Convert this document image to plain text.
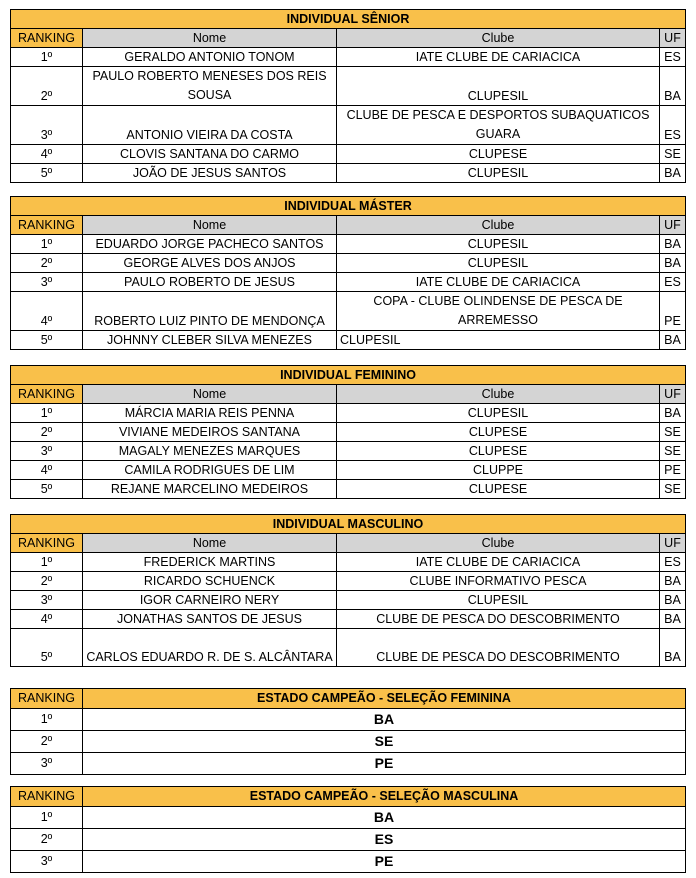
INDIVIDUAL SÊNIOR			
RANKING	Nome	Clube	UF
1º	GERALDO ANTONIO TONOM	IATE CLUBE DE CARIACICA	ES
2º	PAULO ROBERTO MENESES DOS REIS SOUSA	CLUPESIL	BA
3º	ANTONIO VIEIRA DA COSTA	CLUBE DE PESCA E DESPORTOS SUBAQUATICOS GUARA	ES
4º	CLOVIS SANTANA DO CARMO	CLUPESE	SE
5º	JOÃO DE JESUS SANTOS	CLUPESIL	BA
INDIVIDUAL MÁSTER			
RANKING	Nome	Clube	UF
1º	EDUARDO JORGE PACHECO SANTOS	CLUPESIL	BA
2º	GEORGE ALVES DOS ANJOS	CLUPESIL	BA
3º	PAULO ROBERTO DE JESUS	IATE CLUBE DE CARIACICA	ES
4º	ROBERTO LUIZ PINTO DE MENDONÇA	COPA - CLUBE OLINDENSE DE PESCA DE ARREMESSO	PE
5º	JOHNNY CLEBER SILVA MENEZES	CLUPESIL	BA
INDIVIDUAL FEMININO			
RANKING	Nome	Clube	UF
1º	MÁRCIA MARIA REIS PENNA	CLUPESIL	BA
2º	VIVIANE MEDEIROS SANTANA	CLUPESE	SE
3º	MAGALY MENEZES MARQUES	CLUPESE	SE
4º	CAMILA RODRIGUES DE LIM	CLUPPE	PE
5º	REJANE MARCELINO MEDEIROS	CLUPESE	SE
INDIVIDUAL MASCULINO			
RANKING	Nome	Clube	UF
1º	FREDERICK MARTINS	IATE CLUBE DE CARIACICA	ES
2º	RICARDO SCHUENCK	CLUBE INFORMATIVO PESCA	BA
3º	IGOR CARNEIRO NERY	CLUPESIL	BA
4º	JONATHAS SANTOS DE JESUS	CLUBE DE PESCA DO DESCOBRIMENTO	BA
5º	CARLOS EDUARDO R. DE S. ALCÂNTARA	CLUBE DE PESCA DO DESCOBRIMENTO	BA
RANKING	ESTADO CAMPEÃO - SELEÇÃO FEMININA
1º	BA
2º	SE
3º	PE
RANKING	ESTADO CAMPEÃO - SELEÇÃO MASCULINA
1º	BA
2º	ES
3º	PE
